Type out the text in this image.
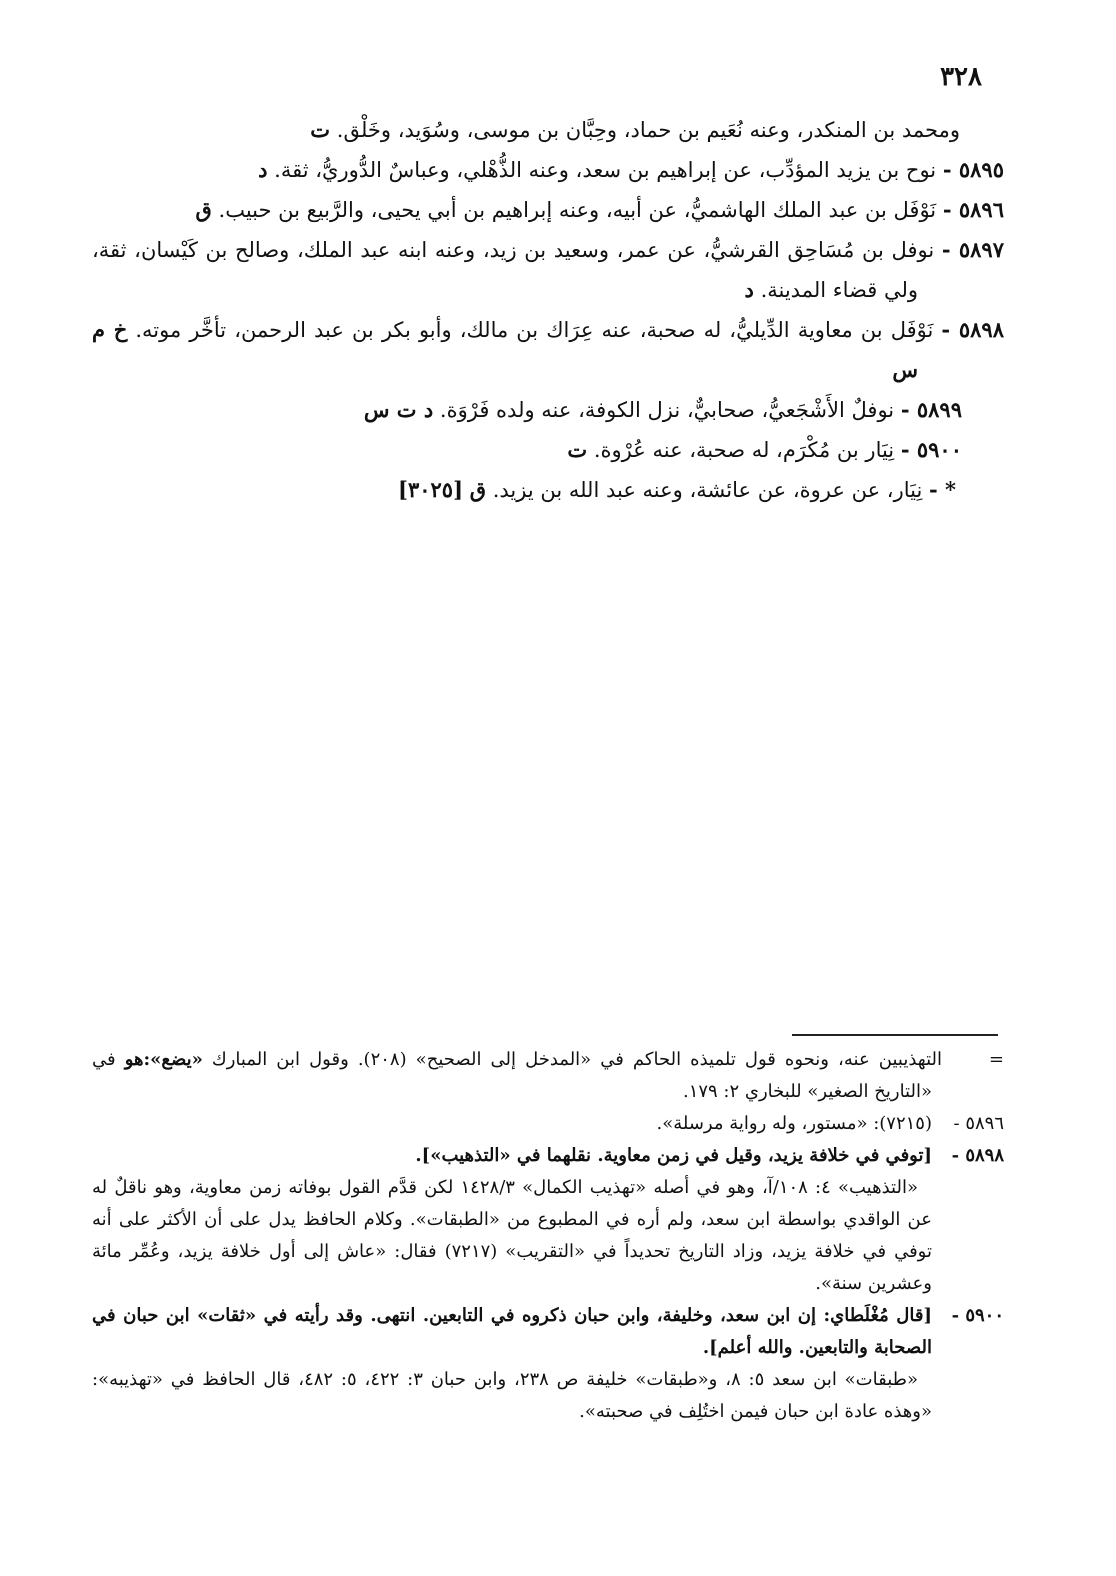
٣٢٨

ومحمد بن المنكدر، وعنه نُعَيم بن حماد، وحِبَّان بن موسى، وسُوَيد، وخَلْق. ت

٥٨٩٥ - نوح بن يزيد المؤدِّب، عن إبراهيم بن سعد، وعنه الذُّهْلي، وعباسٌ الدُّوريُّ، ثقة. د

٥٨٩٦ - نَوْفَل بن عبد الملك الهاشميُّ، عن أبيه، وعنه إبراهيم بن أبي يحيى، والرَّبيع بن حبيب. ق

٥٨٩٧ - نوفل بن مُسَاحِق القرشيُّ، عن عمر، وسعيد بن زيد، وعنه ابنه عبد الملك، وصالح بن كَيْسان، ثقة، ولي قضاء المدينة. د

٥٨٩٨ - نَوْفَل بن معاوية الدِّيليُّ، له صحبة، عنه عِرَاك بن مالك، وأبو بكر بن عبد الرحمن، تأخَّر موته. خ م س

٥٨٩٩ - نوفلٌ الأَشْجَعيُّ، صحابيٌّ، نزل الكوفة، عنه ولده فَرْوَة. د ت س

٥٩٠٠ - نِيَار بن مُكْرَم، له صحبة، عنه عُرْوة. ت

* - نِيَار، عن عروة، عن عائشة، وعنه عبد الله بن يزيد. ق [٣٠٢٥]

=التهذيبين عنه، ونحوه قول تلميذه الحاكم في «المدخل إلى الصحيح» (٢٠٨). وقول ابن المبارك «يضع»:هو في «التاريخ الصغير» للبخاري ٢: ١٧٩.

٥٨٩٦ -(٧٢١٥): «مستور، وله رواية مرسلة».

٥٨٩٨ -[توفي في خلافة يزيد، وقيل في زمن معاوية. نقلهما في «التذهيب»].

«التذهيب» ٤: ١٠٨/آ، وهو في أصله «تهذيب الكمال» ١٤٢٨/٣ لكن قدَّم القول بوفاته زمن معاوية، وهو ناقلٌ له عن الواقدي بواسطة ابن سعد، ولم أره في المطبوع من «الطبقات». وكلام الحافظ يدل على أن الأكثر على أنه توفي في خلافة يزيد، وزاد التاريخ تحديداً في «التقريب» (٧٢١٧) فقال: «عاش إلى أول خلافة يزيد، وعُمِّر مائة وعشرين سنة».

٥٩٠٠ -[قال مُغْلَطاي: إن ابن سعد، وخليفة، وابن حبان ذكروه في التابعين. انتهى. وقد رأيته في «ثقات» ابن حبان في الصحابة والتابعين. والله أعلم].

«طبقات» ابن سعد ٥: ٨، و«طبقات» خليفة ص ٢٣٨، وابن حبان ٣: ٤٢٢، ٥: ٤٨٢، قال الحافظ في «تهذيبه»: «وهذه عادة ابن حبان فيمن اختُلِف في صحبته».
